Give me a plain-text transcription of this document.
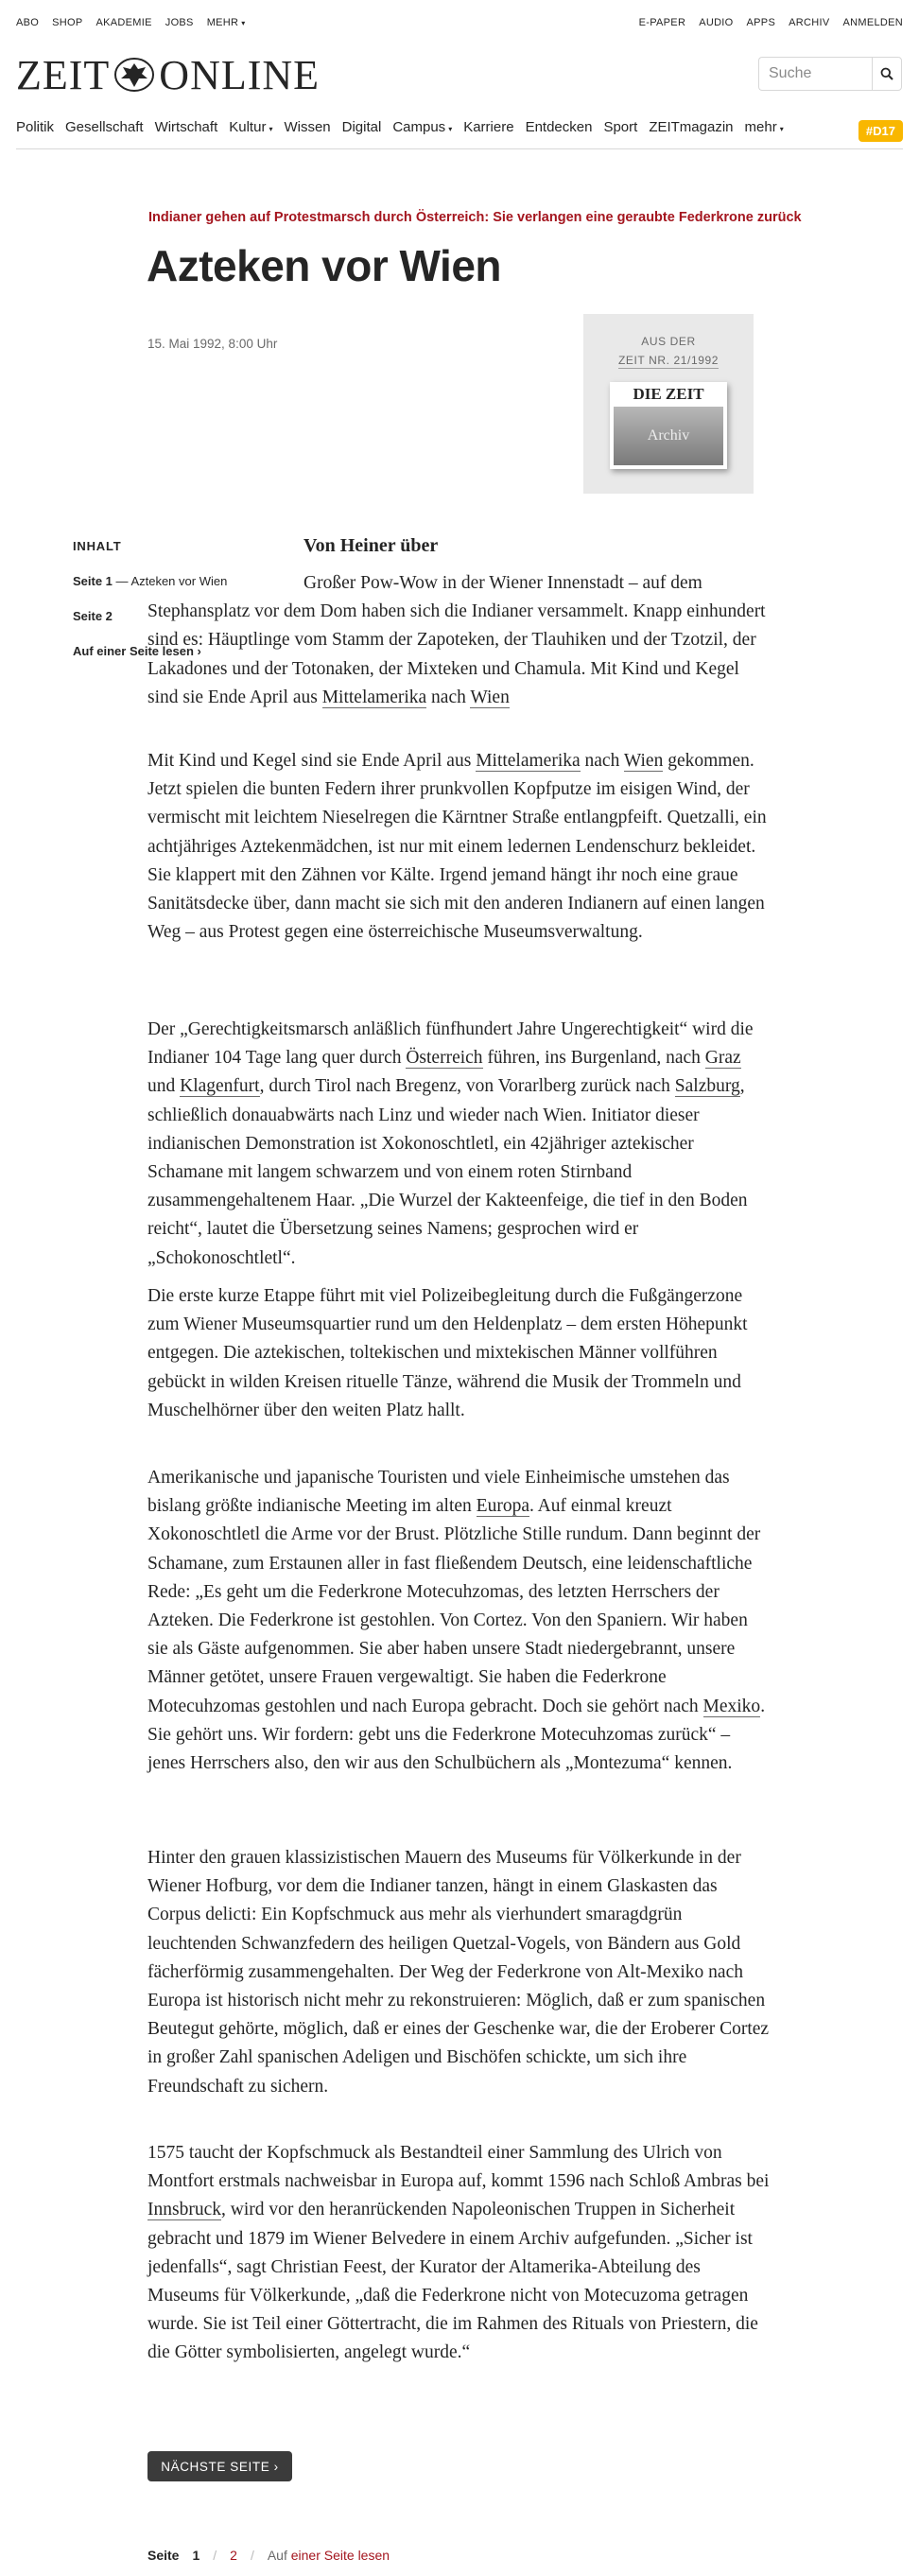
ABO SHOP AKADEMIE JOBS MEHR ▾	E-PAPER AUDIO APPS ARCHIV ANMELDEN
ZEIT ONLINE
Suche
Politik Gesellschaft Wirtschaft Kultur ▾ Wissen Digital Campus ▾ Karriere Entdecken Sport ZEITmagazin mehr ▾	#D17
Indianer gehen auf Protestmarsch durch Österreich: Sie verlangen eine geraubte Federkrone zurück
Azteken vor Wien
15. Mai 1992, 8:00 Uhr	AUS DER
ZEIT NR. 21/1992
DIE ZEIT
Archiv
INHALT
Seite 1 — Azteken vor Wien
Seite 2
Auf einer Seite lesen ›
Von Heiner über
Großer Pow-Wow in der Wiener Innenstadt – auf dem Stephansplatz vor dem Dom haben sich die Indianer versammelt. Knapp einhundert sind es: Häuptlinge vom Stamm der Zapoteken, der Tlauhiken und der Tzotzil, der Lakadones und der Totonaken, der Mixteken und Chamula. Mit Kind und Kegel sind sie Ende April aus Mittelamerika nach Wien
Mit Kind und Kegel sind sie Ende April aus Mittelamerika nach Wien gekommen. Jetzt spielen die bunten Federn ihrer prunkvollen Kopfputze im eisigen Wind, der vermischt mit leichtem Nieselregen die Kärntner Straße entlangpfeift. Quetzalli, ein achtjähriges Aztekenmädchen, ist nur mit einem ledernen Lendenschurz bekleidet. Sie klappert mit den Zähnen vor Kälte. Irgend jemand hängt ihr noch eine graue Sanitätsdecke über, dann macht sie sich mit den anderen Indianern auf einen langen Weg – aus Protest gegen eine österreichische Museumsverwaltung.
Der „Gerechtigkeitsmarsch anläßlich fünfhundert Jahre Ungerechtigkeit“ wird die Indianer 104 Tage lang quer durch Österreich führen, ins Burgenland, nach Graz und Klagenfurt, durch Tirol nach Bregenz, von Vorarlberg zurück nach Salzburg, schließlich donauabwärts nach Linz und wieder nach Wien. Initiator dieser indianischen Demonstration ist Xokonoschtletl, ein 42jähriger aztekischer Schamane mit langem schwarzem und von einem roten Stirnband zusammengehaltenem Haar. „Die Wurzel der Kakteenfeige, die tief in den Boden reicht“, lautet die Übersetzung seines Namens; gesprochen wird er „Schokonoschtletl“.
Die erste kurze Etappe führt mit viel Polizeibegleitung durch die Fußgängerzone zum Wiener Museumsquartier rund um den Heldenplatz – dem ersten Höhepunkt entgegen. Die aztekischen, toltekischen und mixtekischen Männer vollführen gebückt in wilden Kreisen rituelle Tänze, während die Musik der Trommeln und Muschelhörner über den weiten Platz hallt.
Amerikanische und japanische Touristen und viele Einheimische umstehen das bislang größte indianische Meeting im alten Europa. Auf einmal kreuzt Xokonoschtletl die Arme vor der Brust. Plötzliche Stille rundum. Dann beginnt der Schamane, zum Erstaunen aller in fast fließendem Deutsch, eine leidenschaftliche Rede: „Es geht um die Federkrone Motecuhzomas, des letzten Herrschers der Azteken. Die Federkrone ist gestohlen. Von Cortez. Von den Spaniern. Wir haben sie als Gäste aufgenommen. Sie aber haben unsere Stadt niedergebrannt, unsere Männer getötet, unsere Frauen vergewaltigt. Sie haben die Federkrone Motecuhzomas gestohlen und nach Europa gebracht. Doch sie gehört nach Mexiko. Sie gehört uns. Wir fordern: gebt uns die Federkrone Motecuhzomas zurück“ – jenes Herrschers also, den wir aus den Schulbüchern als „Montezuma“ kennen.
Hinter den grauen klassizistischen Mauern des Museums für Völkerkunde in der Wiener Hofburg, vor dem die Indianer tanzen, hängt in einem Glaskasten das Corpus delicti: Ein Kopfschmuck aus mehr als vierhundert smaragdgrün leuchtenden Schwanzfedern des heiligen Quetzal-Vogels, von Bändern aus Gold fächerförmig zusammengehalten. Der Weg der Federkrone von Alt-Mexiko nach Europa ist historisch nicht mehr zu rekonstruieren: Möglich, daß er zum spanischen Beutegut gehörte, möglich, daß er eines der Geschenke war, die der Eroberer Cortez in großer Zahl spanischen Adeligen und Bischöfen schickte, um sich ihre Freundschaft zu sichern.
1575 taucht der Kopfschmuck als Bestandteil einer Sammlung des Ulrich von Montfort erstmals nachweisbar in Europa auf, kommt 1596 nach Schloß Ambras bei Innsbruck, wird vor den heranrückenden Napoleonischen Truppen in Sicherheit gebracht und 1879 im Wiener Belvedere in einem Archiv aufgefunden. „Sicher ist jedenfalls“, sagt Christian Feest, der Kurator der Altamerika-Abteilung des Museums für Völkerkunde, „daß die Federkrone nicht von Motecuzoma getragen wurde. Sie ist Teil einer Göttertracht, die im Rahmen des Rituals von Priestern, die die Götter symbolisierten, angelegt wurde.“
NÄCHSTE SEITE ›
Seite 1 / 2 / Auf einer Seite lesen
